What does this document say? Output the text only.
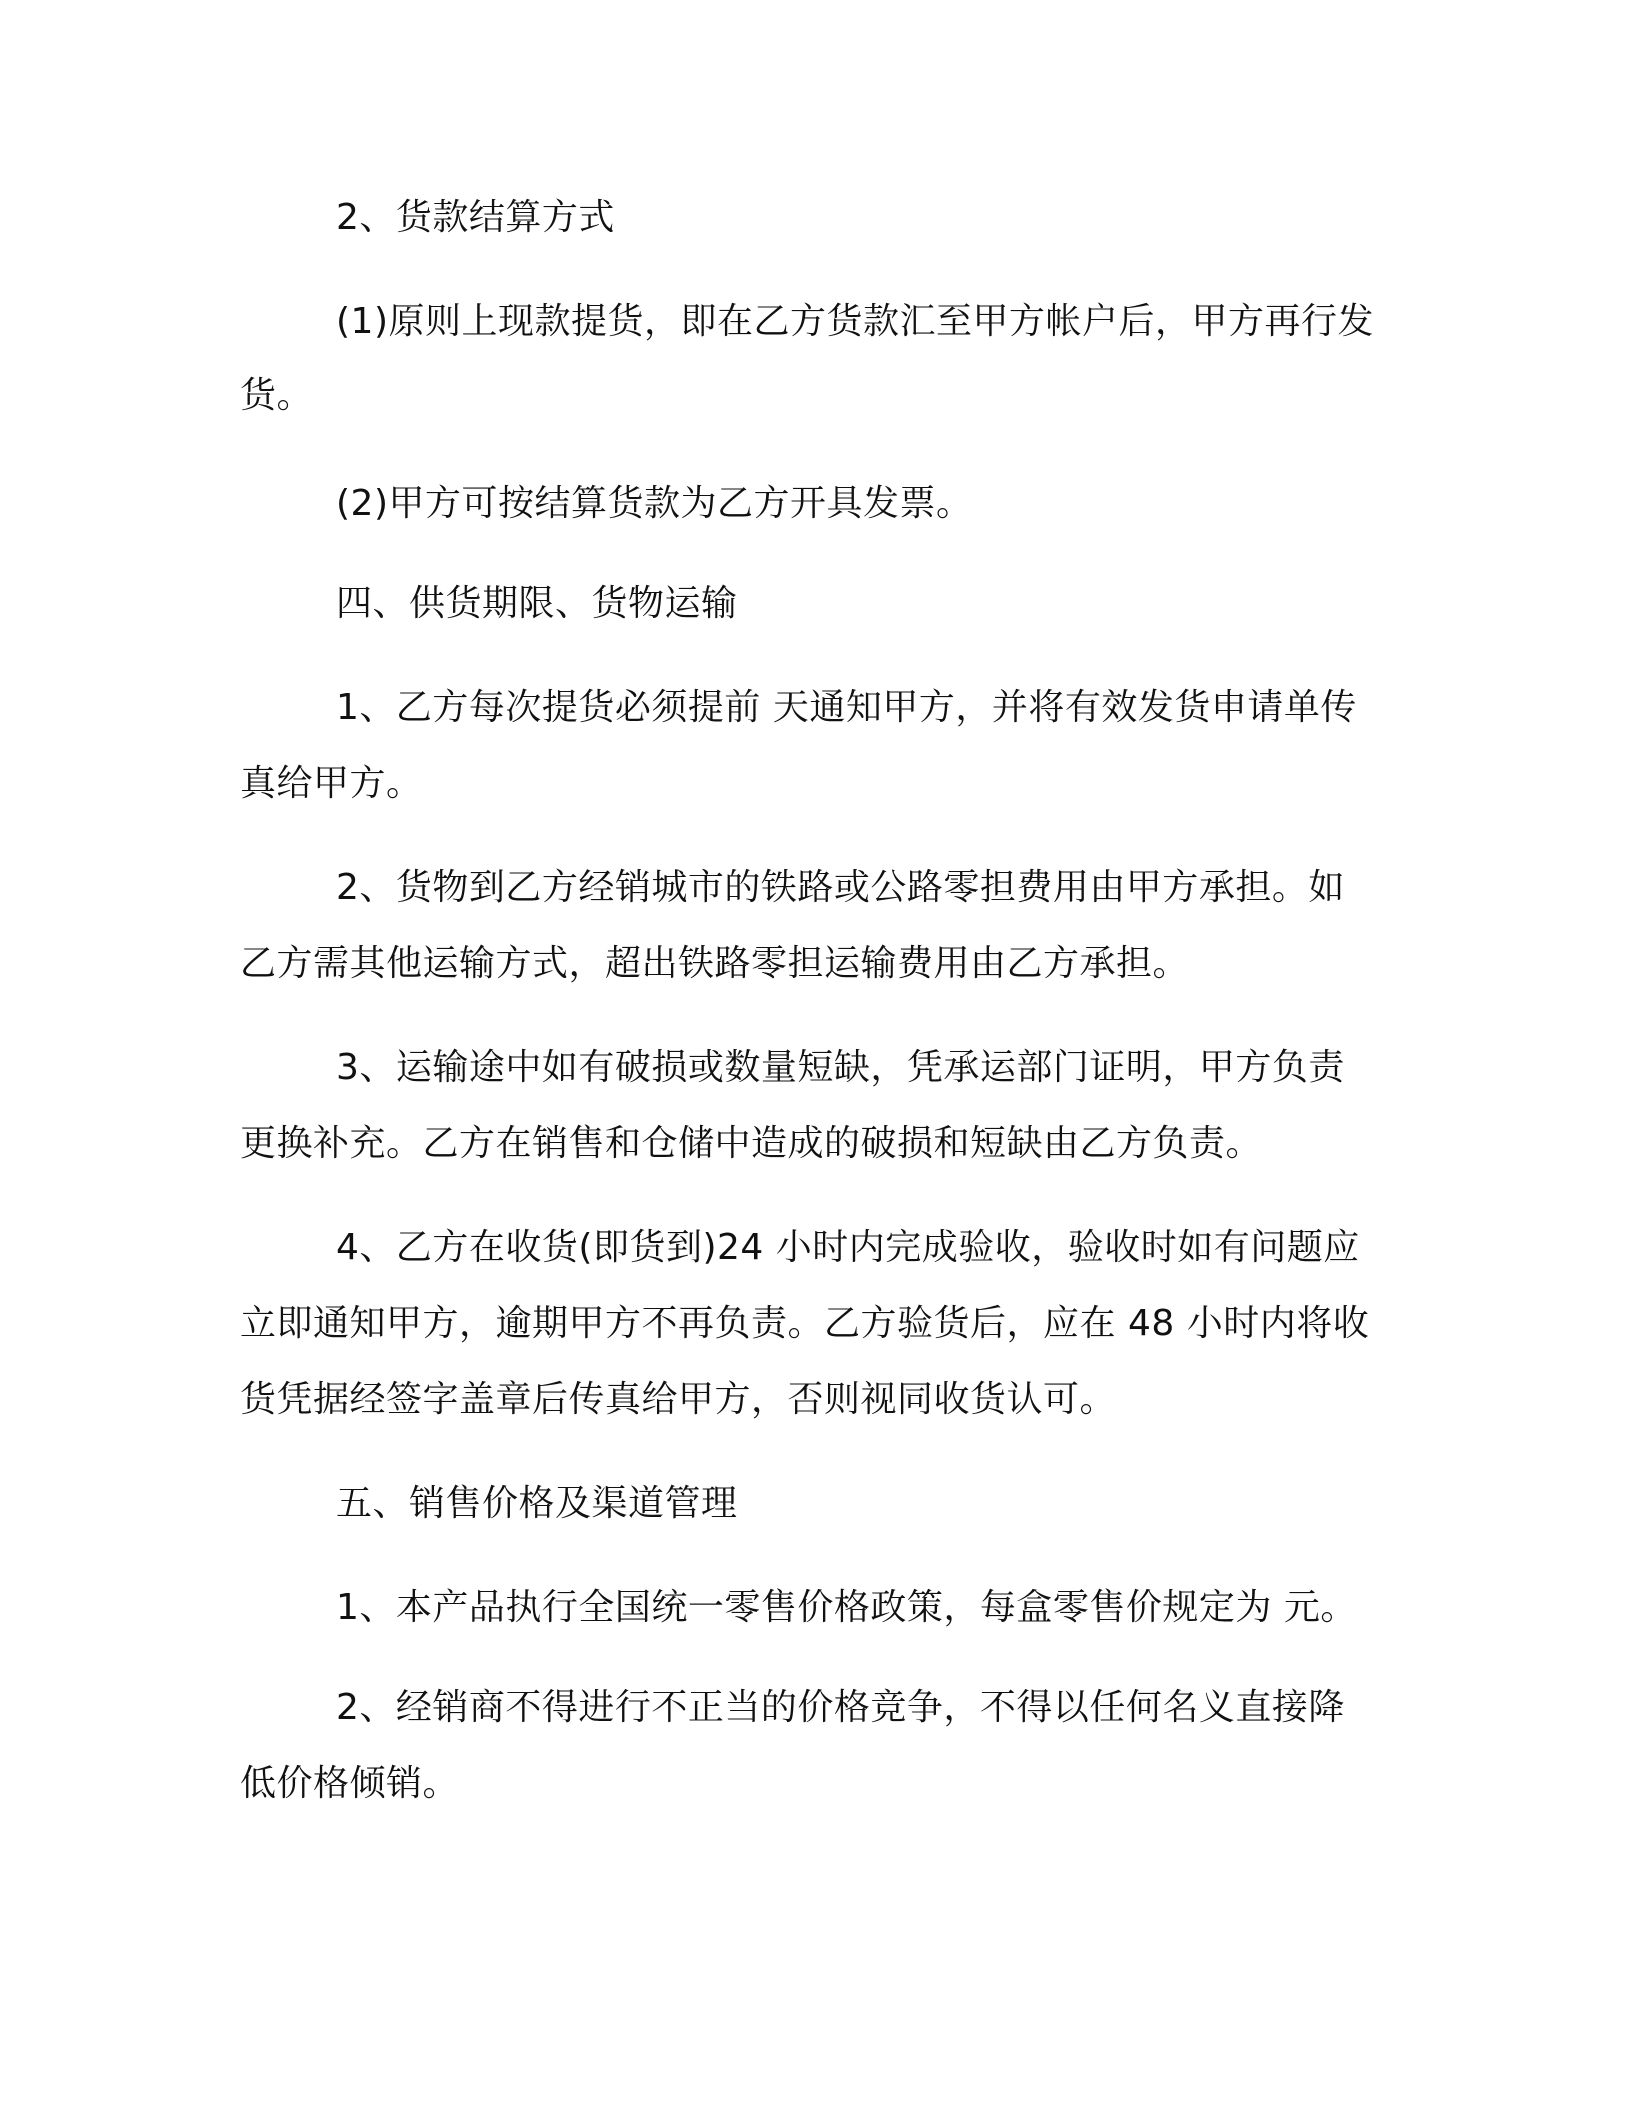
2、货款结算方式
(1)原则上现款提货，即在乙方货款汇至甲方帐户后，甲方再行发
货。
(2)甲方可按结算货款为乙方开具发票。
四、供货期限、货物运输
1、乙方每次提货必须提前 天通知甲方，并将有效发货申请单传
真给甲方。
2、货物到乙方经销城市的铁路或公路零担费用由甲方承担。如
乙方需其他运输方式，超出铁路零担运输费用由乙方承担。
3、运输途中如有破损或数量短缺，凭承运部门证明，甲方负责
更换补充。乙方在销售和仓储中造成的破损和短缺由乙方负责。
4、乙方在收货(即货到)24 小时内完成验收，验收时如有问题应
立即通知甲方，逾期甲方不再负责。乙方验货后，应在 48 小时内将收
货凭据经签字盖章后传真给甲方，否则视同收货认可。
五、销售价格及渠道管理
1、本产品执行全国统一零售价格政策，每盒零售价规定为 元。
2、经销商不得进行不正当的价格竞争，不得以任何名义直接降
低价格倾销。
